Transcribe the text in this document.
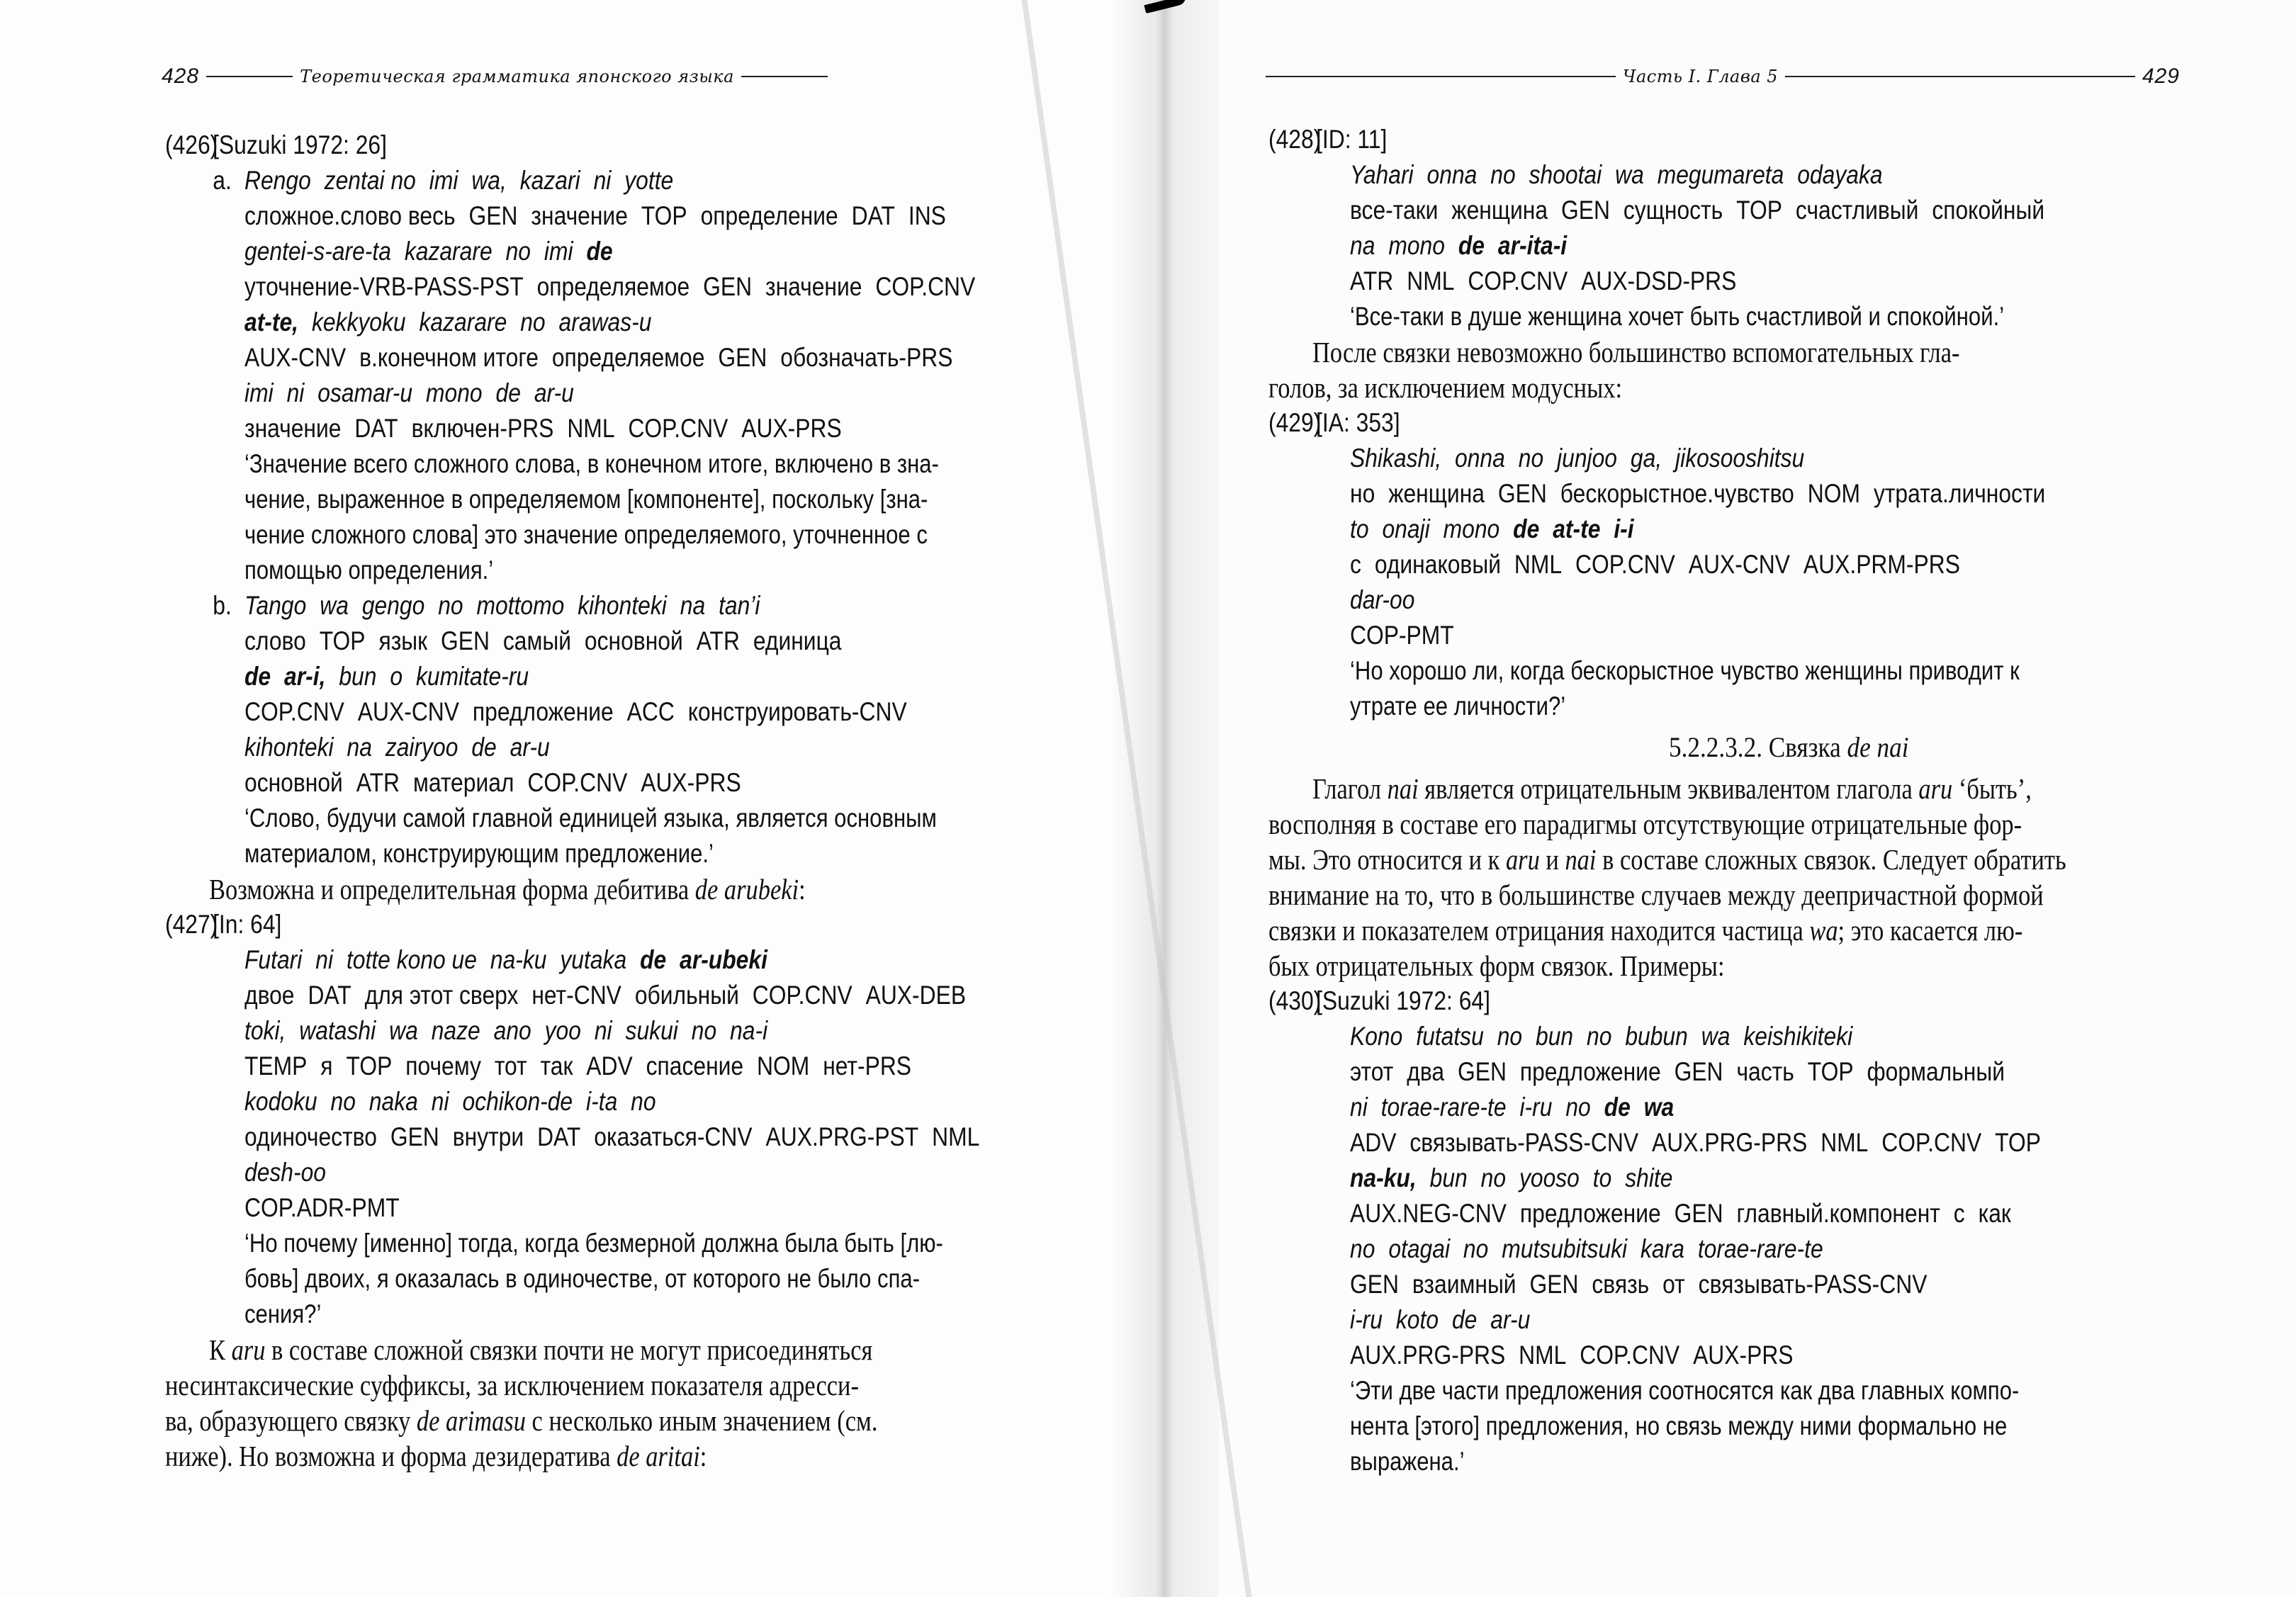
428	Теоретическая грамматика японского языка	Часть I. Глава 5	429
(426)
[Suzuki 1972: 26]
a. Rengo zentai no imi wa, kazari ni yotte
сложное.слово весь GEN значение TOP определение DAT INS
gentei-s-are-ta kazarare no imi de
уточнение-VRB-PASS-PST определяемое GEN значение COP.CNV
at-te, kekkyoku kazarare no arawas-u
AUX-CNV в.конечном итоге определяемое GEN обозначать-PRS
imi ni osamar-u mono de ar-u
значение DAT включен-PRS NML COP.CNV AUX-PRS
‘Значение всего сложного слова, в конечном итоге, включено в зна-
чение, выраженное в определяемом [компоненте], поскольку [зна-
чение сложного слова] это значение определяемого, уточненное с
помощью определения.’
b. Tango wa gengo no mottomo kihonteki na tan’i
слово TOP язык GEN самый основной ATR единица
de ar-i, bun o kumitate-ru
COP.CNV AUX-CNV предложение ACC конструировать-CNV
kihonteki na zairyoo de ar-u
основной ATR материал COP.CNV AUX-PRS
‘Слово, будучи самой главной единицей языка, является основным
материалом, конструирующим предложение.’
Возможна и определительная форма дебитива de arubeki:
(427)
[In: 64]
Futari ni totte kono ue na-ku yutaka de ar-ubeki
двое DAT для этот сверх нет-CNV обильный COP.CNV AUX-DEB
toki, watashi wa naze ano yoo ni sukui no na-i
TEMP я TOP почему тот так ADV спасение NOM нет-PRS
kodoku no naka ni ochikon-de i-ta no
одиночество GEN внутри DAT оказаться-CNV AUX.PRG-PST NML
desh-oo
COP.ADR-PMT
‘Но почему [именно] тогда, когда безмерной должна была быть [лю-
бовь] двоих, я оказалась в одиночестве, от которого не было спа-
сения?’
К aru в составе сложной связки почти не могут присоединяться
несинтаксические суффиксы, за исключением показателя адресси-
ва, образующего связку de arimasu с несколько иным значением (см.
ниже). Но возможна и форма дезидератива de aritai:
(428)
[ID: 11]
Yahari onna no shootai wa megumareta odayaka
все-таки женщина GEN сущность TOP счастливый спокойный
na mono de ar-ita-i
ATR NML COP.CNV AUX-DSD-PRS
‘Все-таки в душе женщина хочет быть счастливой и спокойной.’
После связки невозможно большинство вспомогательных гла-
голов, за исключением модусных:
(429)
[IA: 353]
Shikashi, onna no junjoo ga, jikosooshitsu
но женщина GEN бескорыстное.чувство NOM утрата.личности
to onaji mono de at-te i-i
с одинаковый NML COP.CNV AUX-CNV AUX.PRM-PRS
dar-oo
COP-PMT
‘Но хорошо ли, когда бескорыстное чувство женщины приводит к
утрате ее личности?’
5.2.2.3.2. Связка de nai
Глагол nai является отрицательным эквивалентом глагола aru ‘быть’,
восполняя в составе его парадигмы отсутствующие отрицательные фор-
мы. Это относится и к aru и nai в составе сложных связок. Следует обратить
внимание на то, что в большинстве случаев между деепричастной формой
связки и показателем отрицания находится частица wa; это касается лю-
бых отрицательных форм связок. Примеры:
(430)
[Suzuki 1972: 64]
Kono futatsu no bun no bubun wa keishikiteki
этот два GEN предложение GEN часть TOP формальный
ni torae-rare-te i-ru no de wa
ADV связывать-PASS-CNV AUX.PRG-PRS NML COP.CNV TOP
na-ku, bun no yooso to shite
AUX.NEG-CNV предложение GEN главный.компонент с как
no otagai no mutsubitsuki kara torae-rare-te
GEN взаимный GEN связь от связывать-PASS-CNV
i-ru koto de ar-u
AUX.PRG-PRS NML COP.CNV AUX-PRS
‘Эти две части предложения соотносятся как два главных компо-
нента [этого] предложения, но связь между ними формально не
выражена.’
